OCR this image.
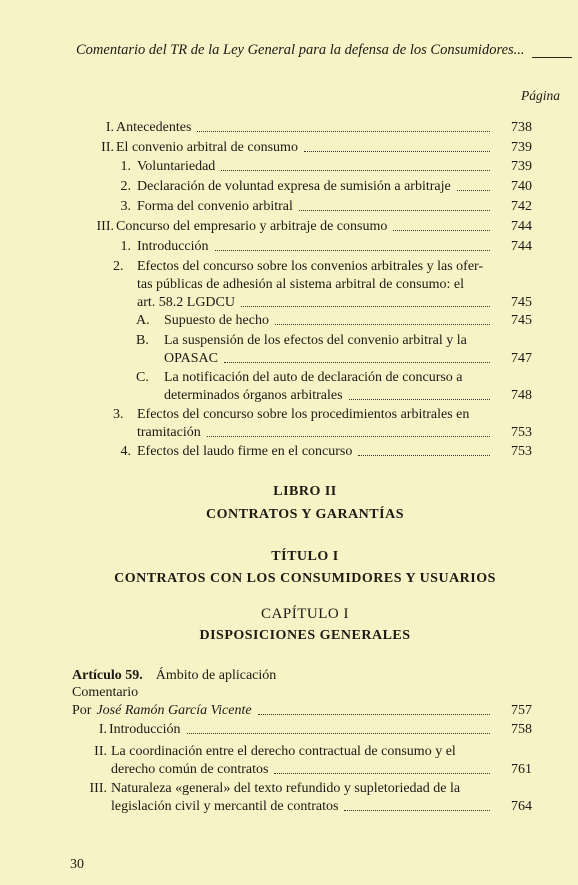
Comentario del TR de la Ley General para la defensa de los Consumidores...
Página
I. Antecedentes	738
II. El convenio arbitral de consumo	739
1. Voluntariedad	739
2. Declaración de voluntad expresa de sumisión a arbitraje	740
3. Forma del convenio arbitral	742
III. Concurso del empresario y arbitraje de consumo	744
1. Introducción	744
2. Efectos del concurso sobre los convenios arbitrales y las ofer-
tas públicas de adhesión al sistema arbitral de consumo: el
art. 58.2 LGDCU	745
A.	Supuesto de hecho	745
B. La suspensión de los efectos del convenio arbitral y la
OPASAC	747
C. La notificación del auto de declaración de concurso a
determinados órganos arbitrales	748
3. Efectos del concurso sobre los procedimientos arbitrales en
tramitación	753
4. Efectos del laudo firme en el concurso	753
LIBRO II
CONTRATOS Y GARANTÍAS
TÍTULO I
CONTRATOS CON LOS CONSUMIDORES Y USUARIOS
CAPÍTULO I
DISPOSICIONES GENERALES
Artículo 59. Ámbito de aplicación
Comentario
Por José Ramón García Vicente	757
I. Introducción	758
II. La coordinación entre el derecho contractual de consumo y el
derecho común de contratos	761
III. Naturaleza «general» del texto refundido y supletoriedad de la
legislación civil y mercantil de contratos	764
30
